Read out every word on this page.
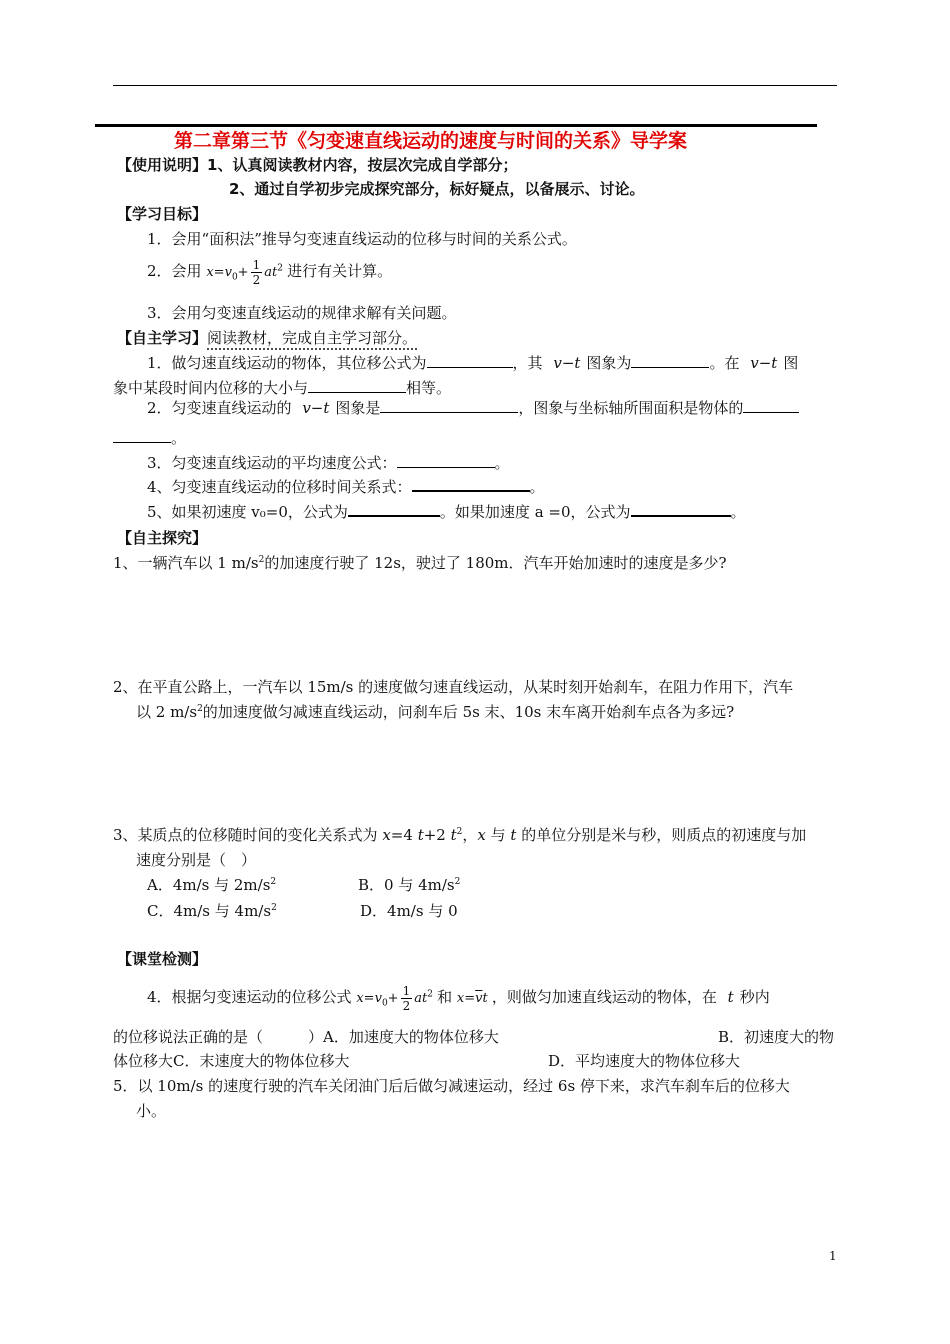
第二章第三节《匀变速直线运动的速度与时间的关系》导学案
【使用说明】1、认真阅读教材内容，按层次完成自学部分；
2、通过自学初步完成探究部分，标好疑点，以备展示、讨论。
【学习目标】
1．会用“面积法”推导匀变速直线运动的位移与时间的关系公式。
2．会用 $x=v_0+ \frac{1}{2} at^2$ 进行有关计算。
3．会用匀变速直线运动的规律求解有关问题。
【自主学习】阅读教材，完成自主学习部分。
1．做匀速直线运动的物体，其位移公式为	，其 v−t 图象为	。在 v−t 图
象中某段时间内位移的大小与	相等。
2．匀变速直线运动的 v−t 图象是	，图象与坐标轴所围面积是物体的
。
3．匀变速直线运动的平均速度公式：	。
4、匀变速直线运动的位移时间关系式：	。
5、如果初速度 v₀=0，公式为	。如果加速度 a =0，公式为	。
【自主探究】
1、一辆汽车以 1 $m/s^2$的加速度行驶了 12s，驶过了 180m．汽车开始加速时的速度是多少?
2、在平直公路上，一汽车以 15m/s 的速度做匀速直线运动，从某时刻开始刹车，在阻力作用下，汽车
以 2 $m/s^2$的加速度做匀减速直线运动，问刹车后 5s 末、10s 末车离开始刹车点各为多远?
3、某质点的位移随时间的变化关系式为 x=4 t+2 $t^2$，x 与 t 的单位分别是米与秒，则质点的初速度与加
速度分别是（　）
A．4m/s 与 $2m/s^2$	B．0 与 $4m/s^2$
C．4m/s 与 $4m/s^2$	D．4m/s 与 0
【课堂检测】
4．根据匀变速运动的位移公式 $x=v_0+ \frac{1}{2} at^2$ 和 $x=\overline{v}t$ ，则做匀加速直线运动的物体，在 t 秒内
的位移说法正确的是（　　　）A．加速度大的物体位移大	B．初速度大的物
体位移大C．末速度大的物体位移大	D．平均速度大的物体位移大
5．以 10m/s 的速度行驶的汽车关闭油门后后做匀减速运动，经过 6s 停下来，求汽车刹车后的位移大
小。
1
